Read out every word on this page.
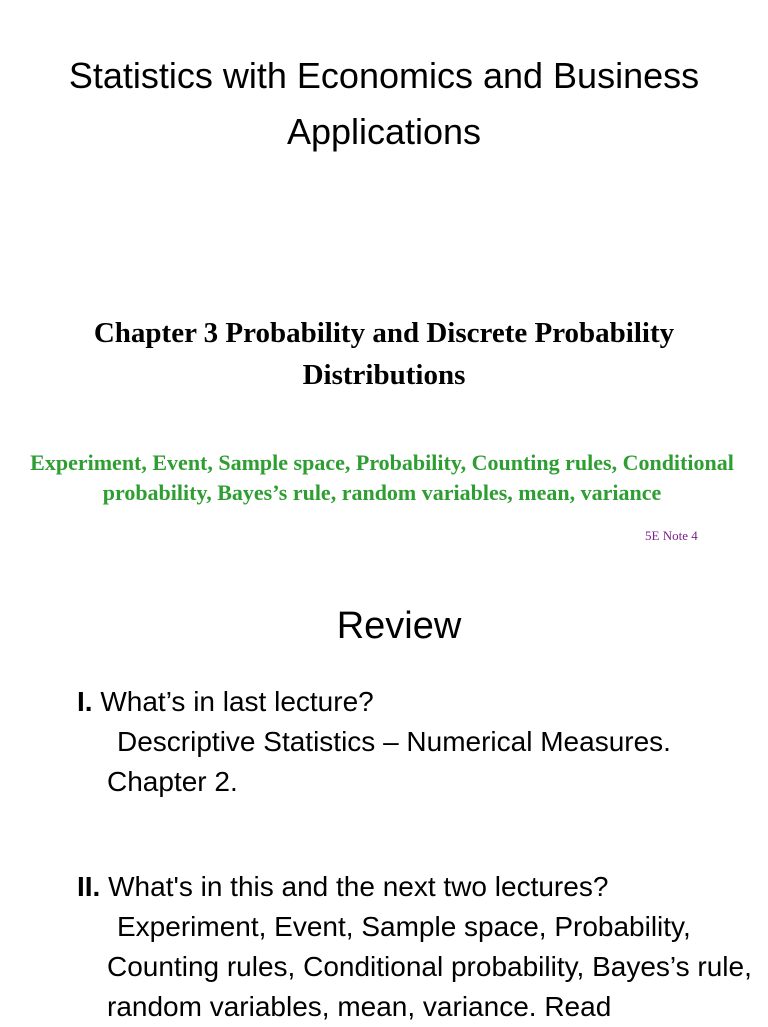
Statistics with Economics and Business Applications
Chapter 3 Probability and Discrete Probability Distributions
Experiment, Event, Sample space, Probability, Counting rules, Conditional probability, Bayes’s rule, random variables, mean, variance
5E Note 4
Review
I. What’s in last lecture?
Descriptive Statistics – Numerical Measures. Chapter 2.
II. What's in this and the next two lectures?
Experiment, Event, Sample space, Probability, Counting rules, Conditional probability, Bayes’s rule, random variables, mean, variance. Read
